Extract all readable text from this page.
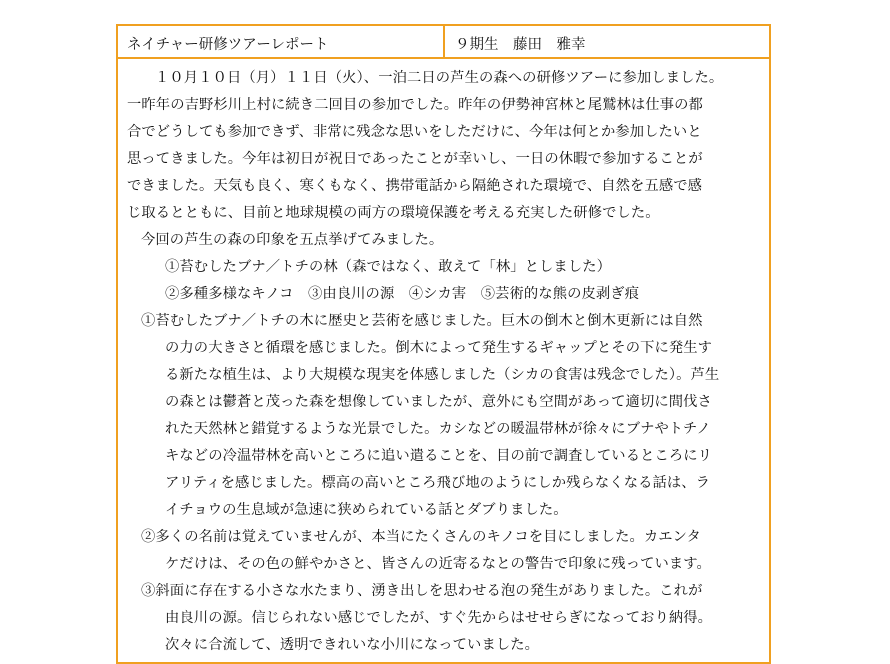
ネイチャー研修ツアーレポート	９期生　藤田　雅幸
１０月１０日（月）１１日（火）、一泊二日の芦生の森への研修ツアーに参加しました。
一昨年の吉野杉川上村に続き二回目の参加でした。昨年の伊勢神宮林と尾鷲林は仕事の都
合でどうしても参加できず、非常に残念な思いをしただけに、今年は何とか参加したいと
思ってきました。今年は初日が祝日であったことが幸いし、一日の休暇で参加することが
できました。天気も良く、寒くもなく、携帯電話から隔絶された環境で、自然を五感で感
じ取るとともに、目前と地球規模の両方の環境保護を考える充実した研修でした。
今回の芦生の森の印象を五点挙げてみました。
①苔むしたブナ／トチの林（森ではなく、敢えて「林」としました）
②多種多様なキノコ　③由良川の源　④シカ害　⑤芸術的な熊の皮剥ぎ痕
①苔むしたブナ／トチの木に歴史と芸術を感じました。巨木の倒木と倒木更新には自然
の力の大きさと循環を感じました。倒木によって発生するギャップとその下に発生す
る新たな植生は、より大規模な現実を体感しました（シカの食害は残念でした）。芦生
の森とは鬱蒼と茂った森を想像していましたが、意外にも空間があって適切に間伐さ
れた天然林と錯覚するような光景でした。カシなどの暖温帯林が徐々にブナやトチノ
キなどの冷温帯林を高いところに追い遣ることを、目の前で調査しているところにリ
アリティを感じました。標高の高いところ飛び地のようにしか残らなくなる話は、ラ
イチョウの生息域が急速に狭められている話とダブりました。
②多くの名前は覚えていませんが、本当にたくさんのキノコを目にしました。カエンタ
ケだけは、その色の鮮やかさと、皆さんの近寄るなとの警告で印象に残っています。
③斜面に存在する小さな水たまり、湧き出しを思わせる泡の発生がありました。これが
由良川の源。信じられない感じでしたが、すぐ先からはせせらぎになっており納得。
次々に合流して、透明できれいな小川になっていました。
